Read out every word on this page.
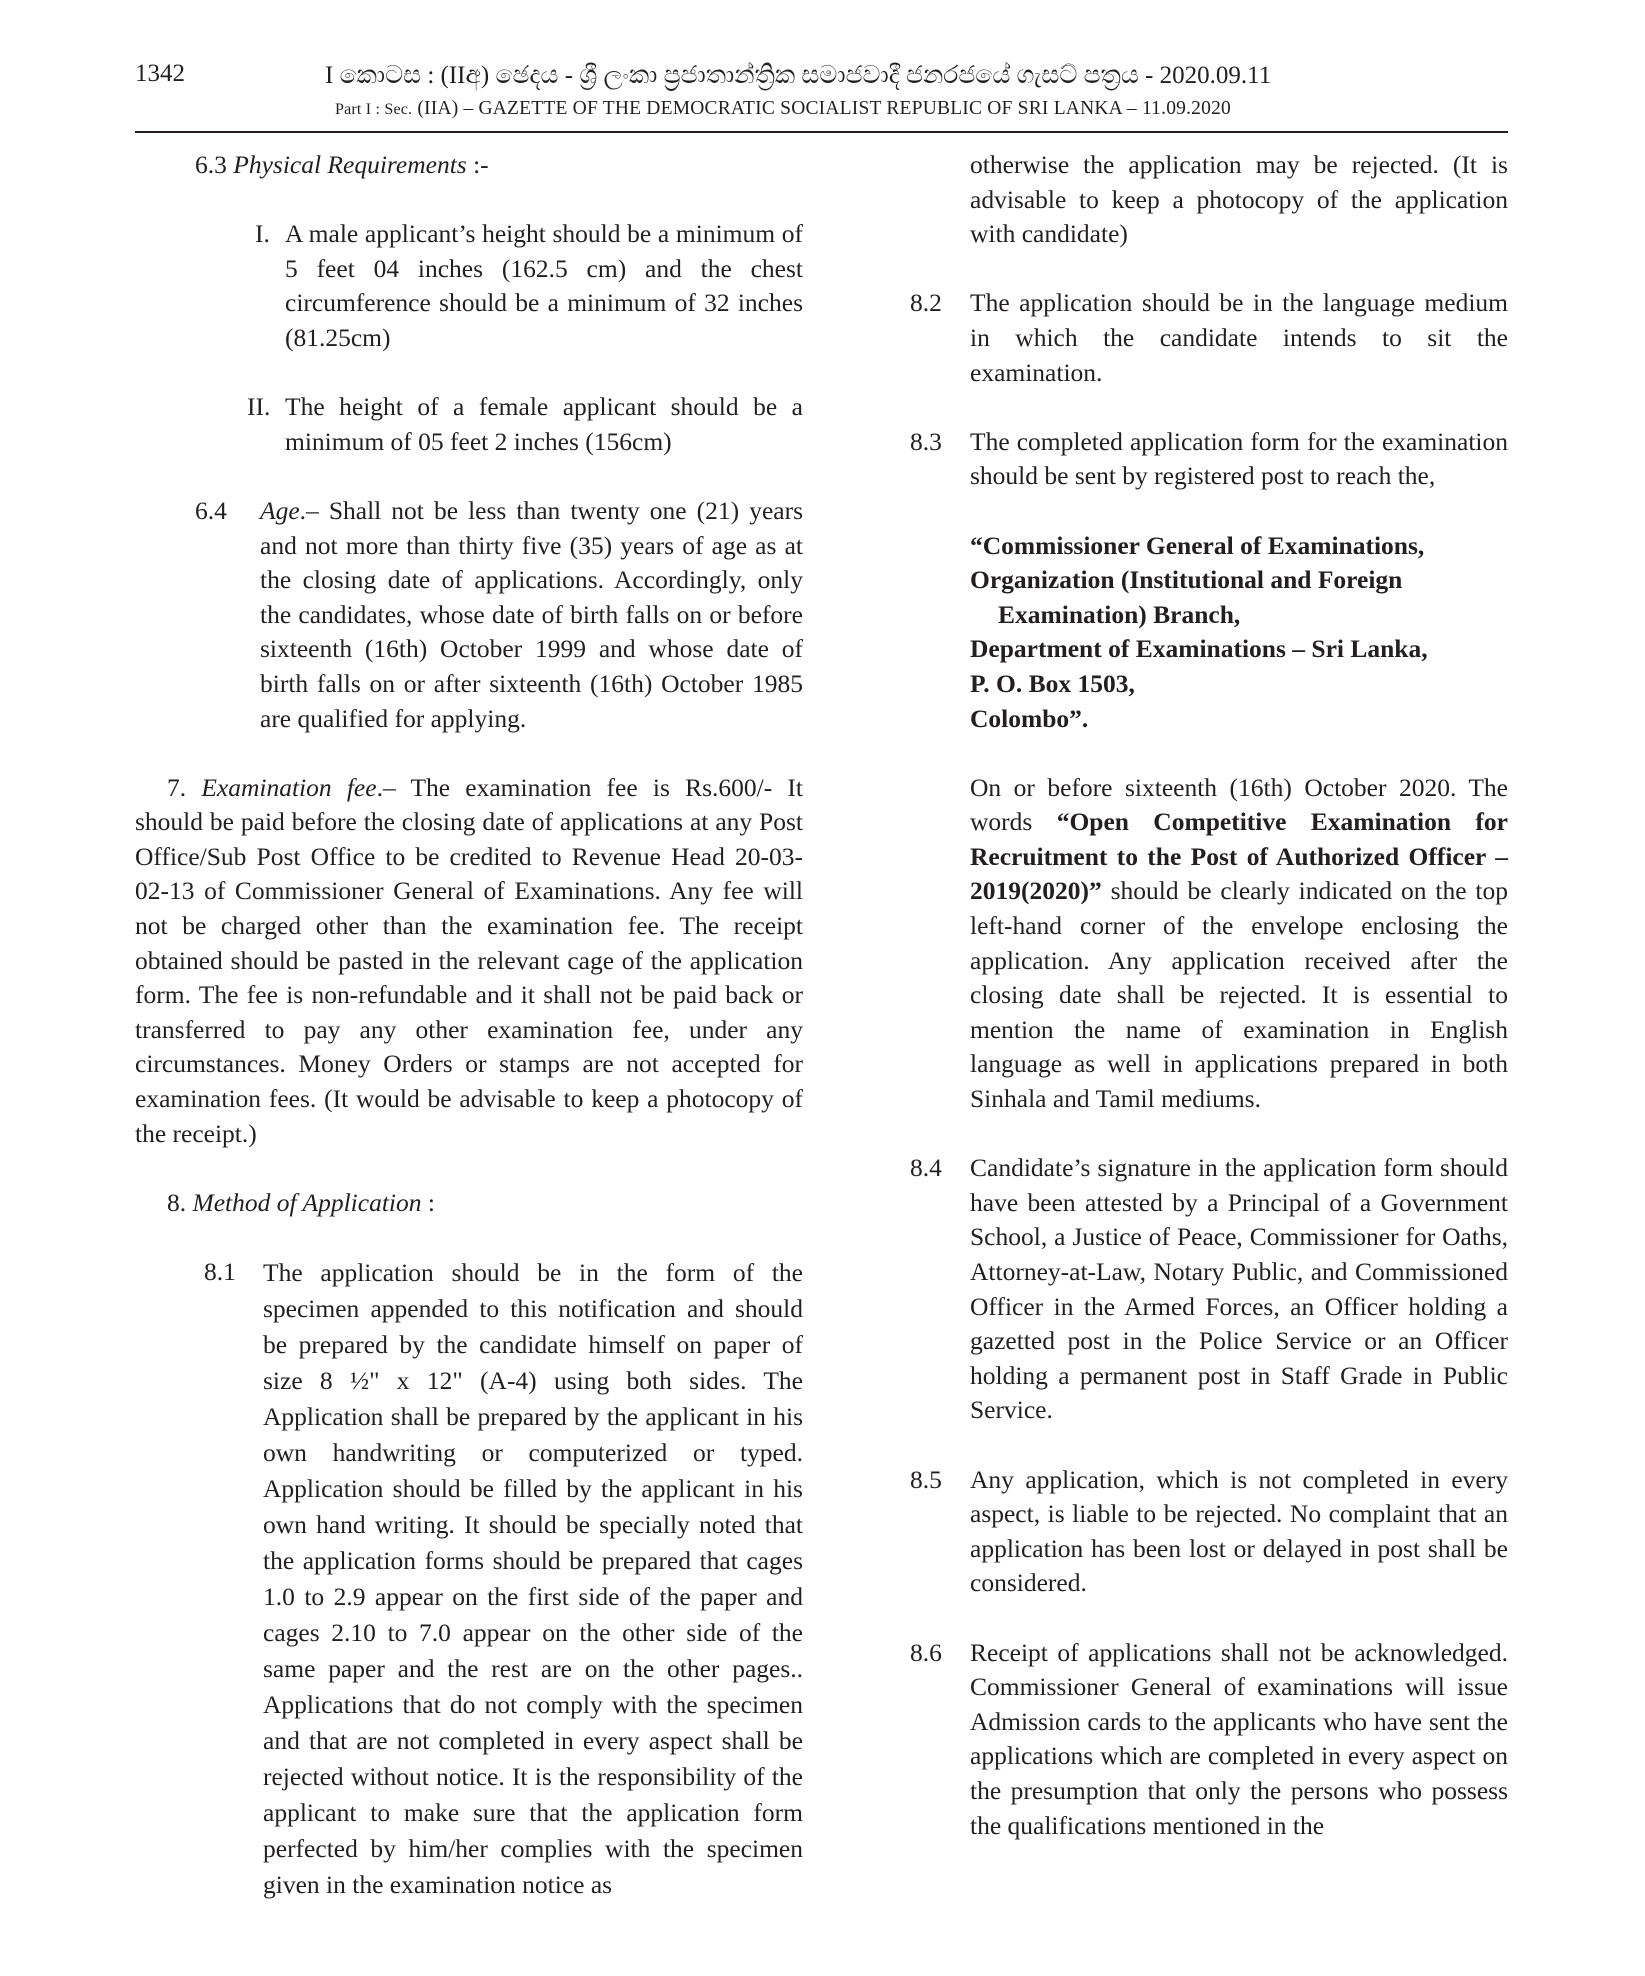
1342	I කොටස : (IIඅ) ඡෙදය - ශ්‍රී ලංකා ප්‍රජාතාන්ත්‍රික සමාජවාදී ජනරජයේ ගැසට් පත්‍රය - 2020.09.11
Part I : Sec. (IIA) – GAZETTE OF THE DEMOCRATIC SOCIALIST REPUBLIC OF SRI LANKA – 11.09.2020

6.3 Physical Requirements :-

I. A male applicant’s height should be a minimum of 5 feet 04 inches (162.5 cm) and the chest circumference should be a minimum of 32 inches (81.25cm)

II. The height of a female applicant should be a minimum of 05 feet 2 inches (156cm)

6.4 Age.– Shall not be less than twenty one (21) years and not more than thirty five (35) years of age as at the closing date of applications. Accordingly, only the candidates, whose date of birth falls on or before sixteenth (16th) October 1999 and whose date of birth falls on or after sixteenth (16th) October 1985 are qualified for applying.

7. Examination fee.– The examination fee is Rs.600/- It should be paid before the closing date of applications at any Post Office/Sub Post Office to be credited to Revenue Head 20-03-02-13 of Commissioner General of Examinations. Any fee will not be charged other than the examination fee. The receipt obtained should be pasted in the relevant cage of the application form. The fee is non-refundable and it shall not be paid back or transferred to pay any other examination fee, under any circumstances. Money Orders or stamps are not accepted for examination fees. (It would be advisable to keep a photocopy of the receipt.)

8. Method of Application :

8.1 The application should be in the form of the specimen appended to this notification and should be prepared by the candidate himself on paper of size 8 ½" x 12" (A-4) using both sides. The Application shall be prepared by the applicant in his own handwriting or computerized or typed. Application should be filled by the applicant in his own hand writing. It should be specially noted that the application forms should be prepared that cages 1.0 to 2.9 appear on the first side of the paper and cages 2.10 to 7.0 appear on the other side of the same paper and the rest are on the other pages.. Applications that do not comply with the specimen and that are not completed in every aspect shall be rejected without notice. It is the responsibility of the applicant to make sure that the application form perfected by him/her complies with the specimen given in the examination notice as

otherwise the application may be rejected. (It is advisable to keep a photocopy of the application with candidate)

8.2 The application should be in the language medium in which the candidate intends to sit the examination.

8.3 The completed application form for the examination should be sent by registered post to reach the,

“Commissioner General of Examinations,

Organization (Institutional and Foreign

Examination) Branch,

Department of Examinations – Sri Lanka,

P. O. Box 1503,

Colombo”.

On or before sixteenth (16th) October 2020. The words “Open Competitive Examination for Recruitment to the Post of Authorized Officer – 2019(2020)” should be clearly indicated on the top left-hand corner of the envelope enclosing the application. Any application received after the closing date shall be rejected. It is essential to mention the name of examination in English language as well in applications prepared in both Sinhala and Tamil mediums.

8.4 Candidate’s signature in the application form should have been attested by a Principal of a Government School, a Justice of Peace, Commissioner for Oaths, Attorney-at-Law, Notary Public, and Commissioned Officer in the Armed Forces, an Officer holding a gazetted post in the Police Service or an Officer holding a permanent post in Staff Grade in Public Service.

8.5 Any application, which is not completed in every aspect, is liable to be rejected. No complaint that an application has been lost or delayed in post shall be considered.

8.6 Receipt of applications shall not be acknowledged. Commissioner General of examinations will issue Admission cards to the applicants who have sent the applications which are completed in every aspect on the presumption that only the persons who possess the qualifications mentioned in the
